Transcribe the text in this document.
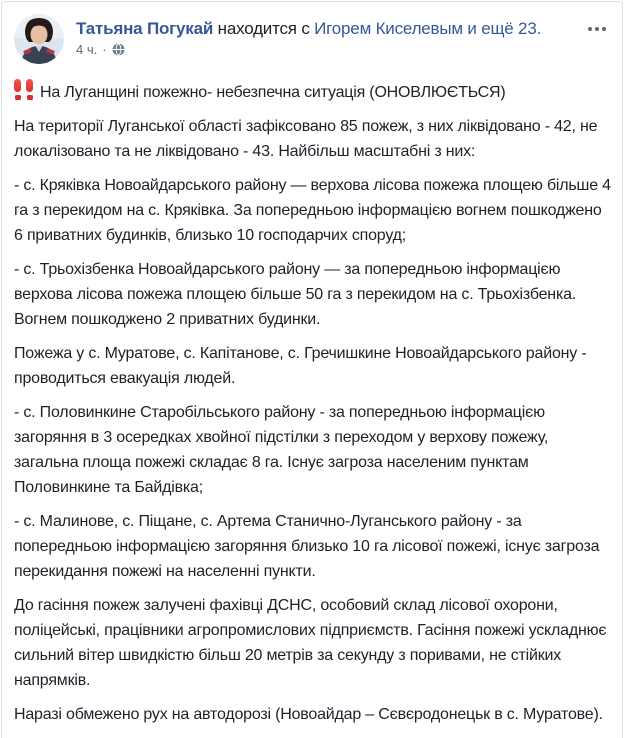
Татьяна Погукай находится с Игорем Киселевым и ещё 23.
4 ч. ·

На Луганщині пожежно- небезпечна ситуація (ОНОВЛЮЄТЬСЯ)

На території Луганської області зафіксовано 85 пожеж, з них ліквідовано - 42, не локалізовано та не ліквідовано - 43. Найбільш масштабні з них:

- с. Кряківка Новоайдарського району — верхова лісова пожежа площею більше 4 га з перекидом на с. Кряківка. За попередньою інформацією вогнем пошкоджено 6 приватних будинків, близько 10 господарчих споруд;

- с. Трьохізбенка Новоайдарського району — за попередньою інформацією верхова лісова пожежа площею більше 50 га з перекидом на с. Трьохізбенка. Вогнем пошкоджено 2 приватних будинки.

Пожежа у с. Муратове, с. Капітанове, с. Гречишкине Новоайдарського району - проводиться евакуація людей.

- с. Половинкине Старобільського району - за попередньою інформацією загоряння в 3 осередках хвойної підстілки з переходом у верхову пожежу, загальна площа пожежі складає 8 га. Існує загроза населеним пунктам Половинкине та Байдівка;

- с. Малинове, с. Піщане, с. Артема Станично-Луганського району - за попередньою інформацією загоряння близько 10 га лісової пожежі, існує загроза перекидання пожежі на населенні пункти.

До гасіння пожеж залучені фахівці ДСНС, особовий склад лісової охорони, поліцейські, працівники агропромислових підприємств. Гасіння пожежі ускладнює сильний вітер швидкістю більш 20 метрів за секунду з поривами, не стійких напрямків.

Наразі обмежено рух на автодорозі (Новоайдар – Сєвєродонецьк в с. Муратове).
